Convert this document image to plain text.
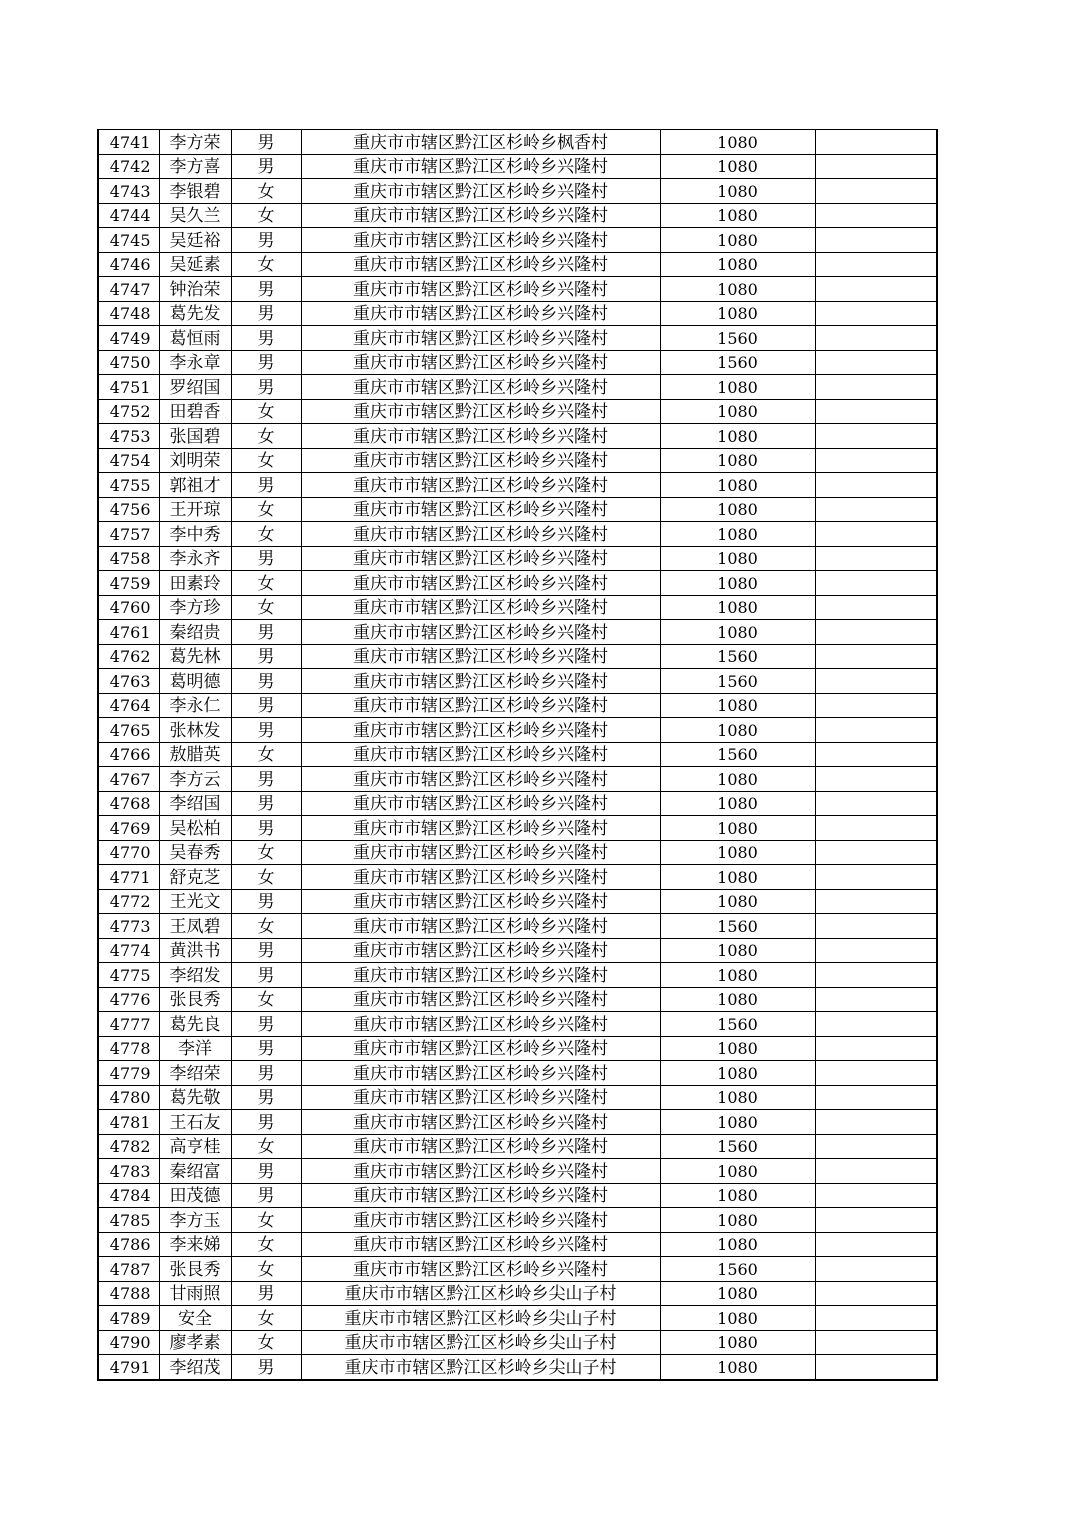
4741	李方荣	男	重庆市市辖区黔江区杉岭乡枫香村	1080	
4742	李方喜	男	重庆市市辖区黔江区杉岭乡兴隆村	1080	
4743	李银碧	女	重庆市市辖区黔江区杉岭乡兴隆村	1080	
4744	吴久兰	女	重庆市市辖区黔江区杉岭乡兴隆村	1080	
4745	吴廷裕	男	重庆市市辖区黔江区杉岭乡兴隆村	1080	
4746	吴延素	女	重庆市市辖区黔江区杉岭乡兴隆村	1080	
4747	钟治荣	男	重庆市市辖区黔江区杉岭乡兴隆村	1080	
4748	葛先发	男	重庆市市辖区黔江区杉岭乡兴隆村	1080	
4749	葛恒雨	男	重庆市市辖区黔江区杉岭乡兴隆村	1560	
4750	李永章	男	重庆市市辖区黔江区杉岭乡兴隆村	1560	
4751	罗绍国	男	重庆市市辖区黔江区杉岭乡兴隆村	1080	
4752	田碧香	女	重庆市市辖区黔江区杉岭乡兴隆村	1080	
4753	张国碧	女	重庆市市辖区黔江区杉岭乡兴隆村	1080	
4754	刘明荣	女	重庆市市辖区黔江区杉岭乡兴隆村	1080	
4755	郭祖才	男	重庆市市辖区黔江区杉岭乡兴隆村	1080	
4756	王开琼	女	重庆市市辖区黔江区杉岭乡兴隆村	1080	
4757	李中秀	女	重庆市市辖区黔江区杉岭乡兴隆村	1080	
4758	李永齐	男	重庆市市辖区黔江区杉岭乡兴隆村	1080	
4759	田素玲	女	重庆市市辖区黔江区杉岭乡兴隆村	1080	
4760	李方珍	女	重庆市市辖区黔江区杉岭乡兴隆村	1080	
4761	秦绍贵	男	重庆市市辖区黔江区杉岭乡兴隆村	1080	
4762	葛先林	男	重庆市市辖区黔江区杉岭乡兴隆村	1560	
4763	葛明德	男	重庆市市辖区黔江区杉岭乡兴隆村	1560	
4764	李永仁	男	重庆市市辖区黔江区杉岭乡兴隆村	1080	
4765	张林发	男	重庆市市辖区黔江区杉岭乡兴隆村	1080	
4766	敖腊英	女	重庆市市辖区黔江区杉岭乡兴隆村	1560	
4767	李方云	男	重庆市市辖区黔江区杉岭乡兴隆村	1080	
4768	李绍国	男	重庆市市辖区黔江区杉岭乡兴隆村	1080	
4769	吴松柏	男	重庆市市辖区黔江区杉岭乡兴隆村	1080	
4770	吴春秀	女	重庆市市辖区黔江区杉岭乡兴隆村	1080	
4771	舒克芝	女	重庆市市辖区黔江区杉岭乡兴隆村	1080	
4772	王光文	男	重庆市市辖区黔江区杉岭乡兴隆村	1080	
4773	王凤碧	女	重庆市市辖区黔江区杉岭乡兴隆村	1560	
4774	黄洪书	男	重庆市市辖区黔江区杉岭乡兴隆村	1080	
4775	李绍发	男	重庆市市辖区黔江区杉岭乡兴隆村	1080	
4776	张艮秀	女	重庆市市辖区黔江区杉岭乡兴隆村	1080	
4777	葛先良	男	重庆市市辖区黔江区杉岭乡兴隆村	1560	
4778	李洋	男	重庆市市辖区黔江区杉岭乡兴隆村	1080	
4779	李绍荣	男	重庆市市辖区黔江区杉岭乡兴隆村	1080	
4780	葛先敬	男	重庆市市辖区黔江区杉岭乡兴隆村	1080	
4781	王石友	男	重庆市市辖区黔江区杉岭乡兴隆村	1080	
4782	高亨桂	女	重庆市市辖区黔江区杉岭乡兴隆村	1560	
4783	秦绍富	男	重庆市市辖区黔江区杉岭乡兴隆村	1080	
4784	田茂德	男	重庆市市辖区黔江区杉岭乡兴隆村	1080	
4785	李方玉	女	重庆市市辖区黔江区杉岭乡兴隆村	1080	
4786	李来娣	女	重庆市市辖区黔江区杉岭乡兴隆村	1080	
4787	张艮秀	女	重庆市市辖区黔江区杉岭乡兴隆村	1560	
4788	甘雨照	男	重庆市市辖区黔江区杉岭乡尖山子村	1080	
4789	安全	女	重庆市市辖区黔江区杉岭乡尖山子村	1080	
4790	廖孝素	女	重庆市市辖区黔江区杉岭乡尖山子村	1080	
4791	李绍茂	男	重庆市市辖区黔江区杉岭乡尖山子村	1080	
